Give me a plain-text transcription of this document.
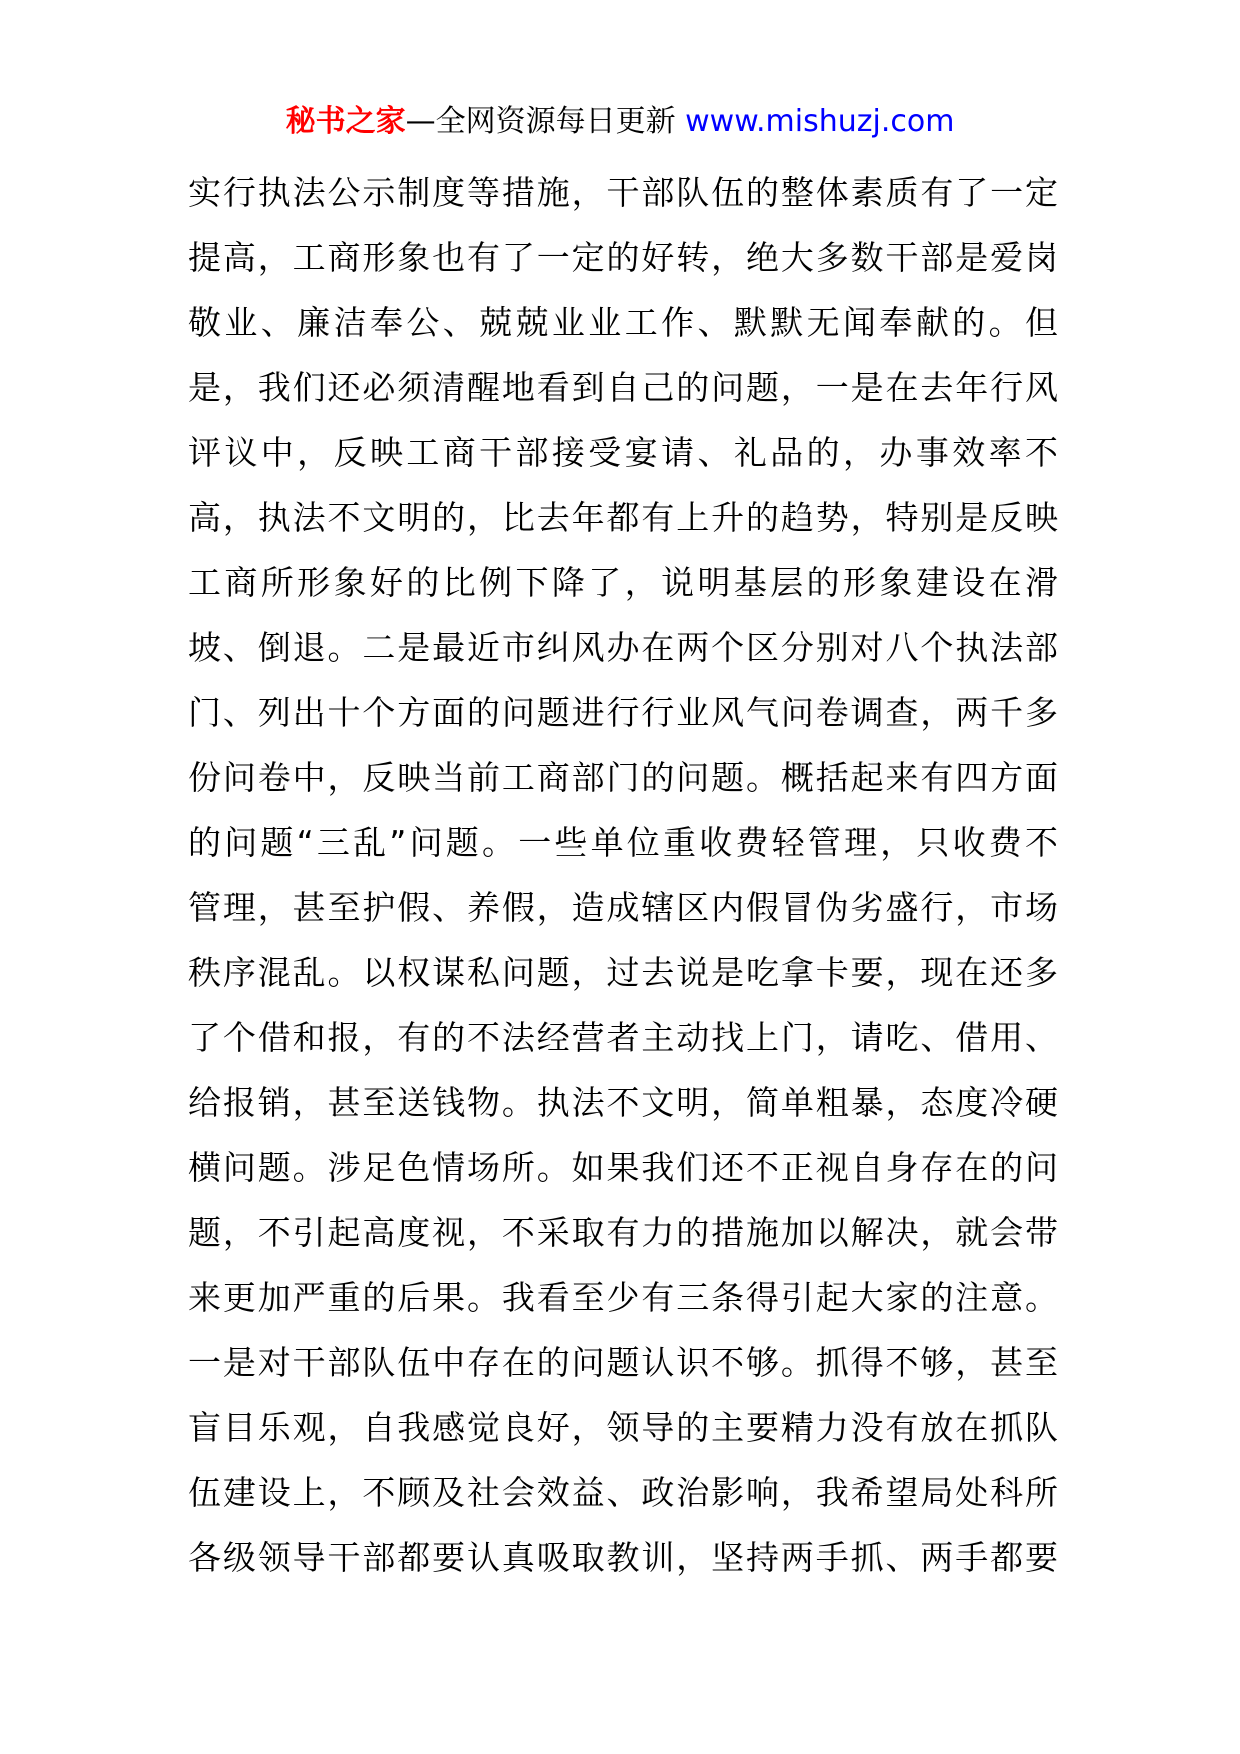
秘书之家—全网资源每日更新 www.mishuzj.com
实行执法公示制度等措施，干部队伍的整体素质有了一定
提高，工商形象也有了一定的好转，绝大多数干部是爱岗
敬业、廉洁奉公、兢兢业业工作、默默无闻奉献的。但
是，我们还必须清醒地看到自己的问题，一是在去年行风
评议中，反映工商干部接受宴请、礼品的，办事效率不
高，执法不文明的，比去年都有上升的趋势，特别是反映
工商所形象好的比例下降了，说明基层的形象建设在滑
坡、倒退。二是最近市纠风办在两个区分别对八个执法部
门、列出十个方面的问题进行行业风气问卷调查，两千多
份问卷中，反映当前工商部门的问题。概括起来有四方面
的问题“三乱”问题。一些单位重收费轻管理，只收费不
管理，甚至护假、养假，造成辖区内假冒伪劣盛行，市场
秩序混乱。以权谋私问题，过去说是吃拿卡要，现在还多
了个借和报，有的不法经营者主动找上门，请吃、借用、
给报销，甚至送钱物。执法不文明，简单粗暴，态度冷硬
横问题。涉足色情场所。如果我们还不正视自身存在的问
题，不引起高度视，不采取有力的措施加以解决，就会带
来更加严重的后果。我看至少有三条得引起大家的注意。
一是对干部队伍中存在的问题认识不够。抓得不够，甚至
盲目乐观，自我感觉良好，领导的主要精力没有放在抓队
伍建设上，不顾及社会效益、政治影响，我希望局处科所
各级领导干部都要认真吸取教训，坚持两手抓、两手都要
